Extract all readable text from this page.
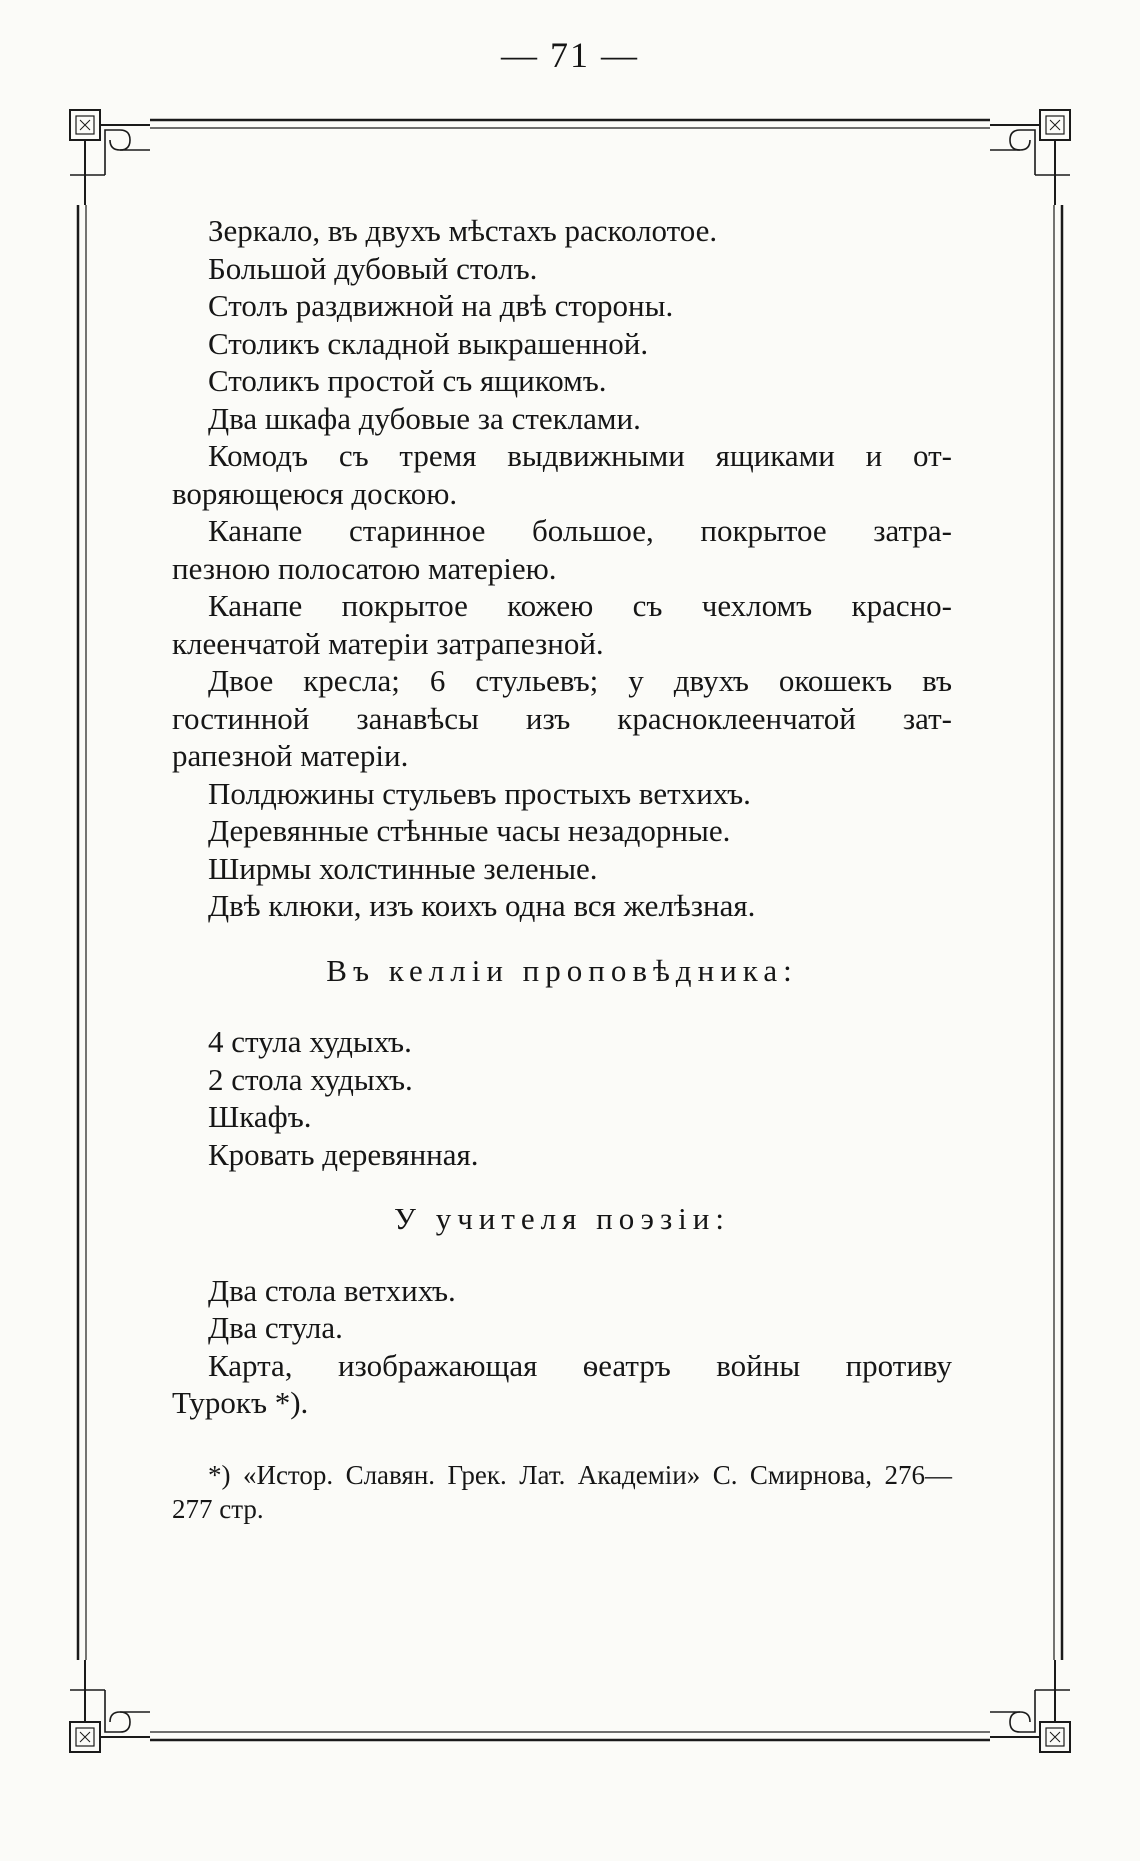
— 71 —
Зеркало, въ двухъ мѣстахъ расколотое.
Большой дубовый столъ.
Столъ раздвижной на двѣ стороны.
Столикъ складной выкрашенной.
Столикъ простой съ ящикомъ.
Два шкафа дубовые за стеклами.
Комодъ съ тремя выдвижными ящиками и от-
воряющеюся доскою.
Канапе старинное большое, покрытое затра-
пезною полосатою матеріею.
Канапе покрытое кожею съ чехломъ красно-
клеенчатой матеріи затрапезной.
Двое кресла; 6 стульевъ; у двухъ окошекъ въ
гостинной занавѣсы изъ красноклеенчатой зат-
рапезной матеріи.
Полдюжины стульевъ простыхъ ветхихъ.
Деревянные стѣнные часы незадорные.
Ширмы холстинные зеленые.
Двѣ клюки, изъ коихъ одна вся желѣзная.
Въ келліи проповѣдника:
4 стула худыхъ.
2 стола худыхъ.
Шкафъ.
Кровать деревянная.
У учителя поэзіи:
Два стола ветхихъ.
Два стула.
Карта, изображающая ѳеатръ войны противу
Турокъ *).
*) «Истор. Славян. Грек. Лат. Академіи» С. Смирнова, 276—
277 стр.
